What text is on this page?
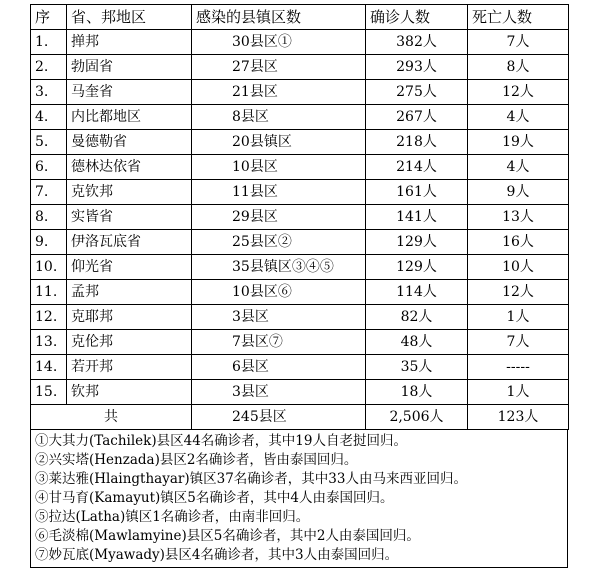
序	省、邦地区	感染的县镇区数	确诊人数	死亡人数
1.	掸邦	30县区①	382人	7人
2.	勃固省	27县区	293人	8人
3.	马奎省	21县区	275人	12人
4.	内比都地区	8县区	267人	4人
5.	曼德勒省	20县镇区	218人	19人
6.	德林达依省	10县区	214人	4人
7.	克钦邦	11县区	161人	9人
8.	实皆省	29县区	141人	13人
9.	伊洛瓦底省	25县区②	129人	16人
10.	仰光省	35县镇区③④⑤	129人	10人
11.	孟邦	10县区⑥	114人	12人
12.	克耶邦	3县区	82人	1人
13.	克伦邦	7县区⑦	48人	7人
14.	若开邦	6县区	35人	-----
15.	钦邦	3县区	18人	1人
共		245县区	2,506人	123人
①大其力(Tachilek)县区44名确诊者，其中19人自老挝回归。
②兴实塔(Henzada)县区2名确诊者，皆由泰国回归。
③莱达雅(Hlaingthayar)镇区37名确诊者，其中33人由马来西亚回归。
④甘马育(Kamayut)镇区5名确诊者，其中4人由泰国回归。
⑤拉达(Latha)镇区1名确诊者，由南非回归。
⑥毛淡棉(Mawlamyine)县区5名确诊者，其中2人由泰国回归。
⑦妙瓦底(Myawady)县区4名确诊者，其中3人由泰国回归。
